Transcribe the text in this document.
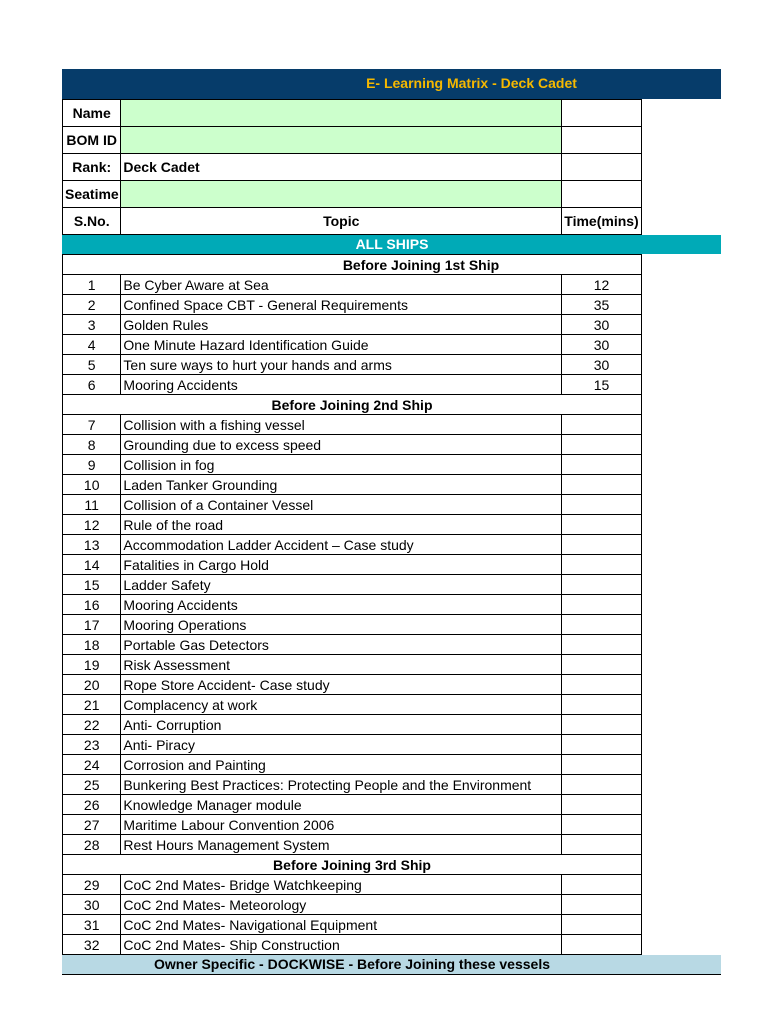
E- Learning Matrix - Deck Cadet
Name		
BOM ID		
Rank:	Deck Cadet	
Seatime		
S.No.	Topic	Time(mins)
ALL SHIPS
Before Joining 1st Ship		
1	Be Cyber Aware at Sea	12
2	Confined Space CBT - General Requirements	35
3	Golden Rules	30
4	One Minute Hazard Identification Guide	30
5	Ten sure ways to hurt your hands and arms	30
6	Mooring Accidents	15
Before Joining 2nd Ship		
7	Collision with a fishing vessel	
8	Grounding due to excess speed	
9	Collision in fog	
10	Laden Tanker Grounding	
11	Collision of a Container Vessel	
12	Rule of the road	
13	Accommodation Ladder Accident – Case study	
14	Fatalities in Cargo Hold	
15	Ladder Safety	
16	Mooring Accidents	
17	Mooring Operations	
18	Portable Gas Detectors	
19	Risk Assessment	
20	Rope Store Accident- Case study	
21	Complacency at work	
22	Anti- Corruption	
23	Anti- Piracy	
24	Corrosion and Painting	
25	Bunkering Best Practices: Protecting People and the Environment	
26	Knowledge Manager module	
27	Maritime Labour Convention 2006	
28	Rest Hours Management System	
Before Joining 3rd Ship		
29	CoC 2nd Mates- Bridge Watchkeeping	
30	CoC 2nd Mates- Meteorology	
31	CoC 2nd Mates- Navigational Equipment	
32	CoC 2nd Mates- Ship Construction	
Owner Specific - DOCKWISE - Before Joining these vessels
